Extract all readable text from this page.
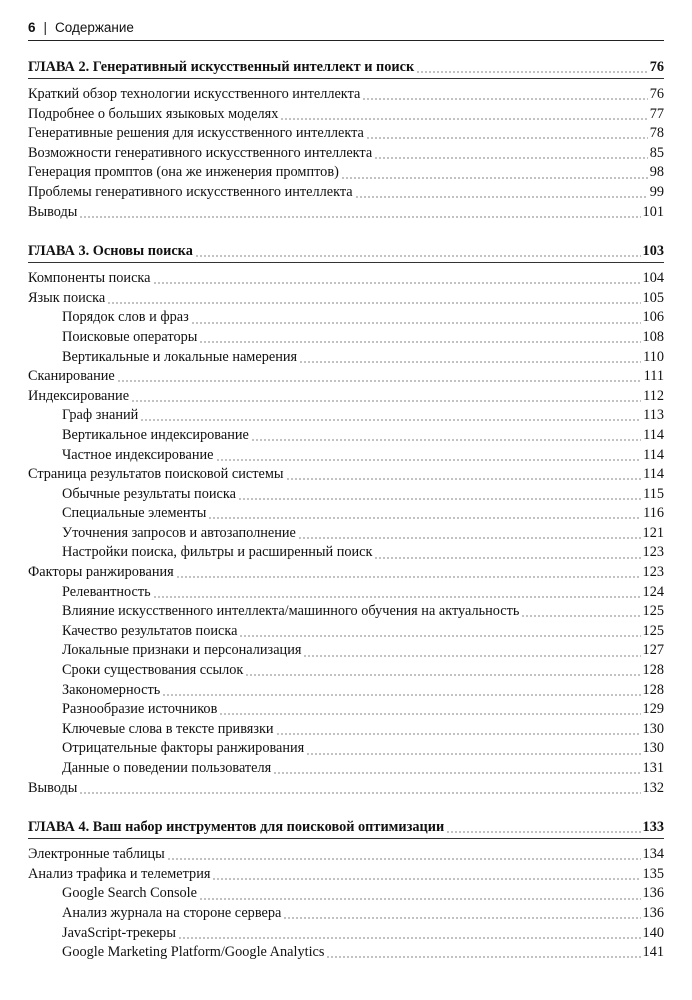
6 | Содержание
ГЛАВА 2. Генеративный искусственный интеллект и поиск	76
Краткий обзор технологии искусственного интеллекта	76
Подробнее о больших языковых моделях	77
Генеративные решения для искусственного интеллекта	78
Возможности генеративного искусственного интеллекта	85
Генерация промптов (она же инженерия промптов)	98
Проблемы генеративного искусственного интеллекта	99
Выводы	101
ГЛАВА 3. Основы поиска	103
Компоненты поиска	104
Язык поиска	105
Порядок слов и фраз	106
Поисковые операторы	108
Вертикальные и локальные намерения	110
Сканирование	111
Индексирование	112
Граф знаний	113
Вертикальное индексирование	114
Частное индексирование	114
Страница результатов поисковой системы	114
Обычные результаты поиска	115
Специальные элементы	116
Уточнения запросов и автозаполнение	121
Настройки поиска, фильтры и расширенный поиск	123
Факторы ранжирования	123
Релевантность	124
Влияние искусственного интеллекта/машинного обучения на актуальность	125
Качество результатов поиска	125
Локальные признаки и персонализация	127
Сроки существования ссылок	128
Закономерность	128
Разнообразие источников	129
Ключевые слова в тексте привязки	130
Отрицательные факторы ранжирования	130
Данные о поведении пользователя	131
Выводы	132
ГЛАВА 4. Ваш набор инструментов для поисковой оптимизации	133
Электронные таблицы	134
Анализ трафика и телеметрия	135
Google Search Console	136
Анализ журнала на стороне сервера	136
JavaScript-трекеры	140
Google Marketing Platform/Google Analytics	141
